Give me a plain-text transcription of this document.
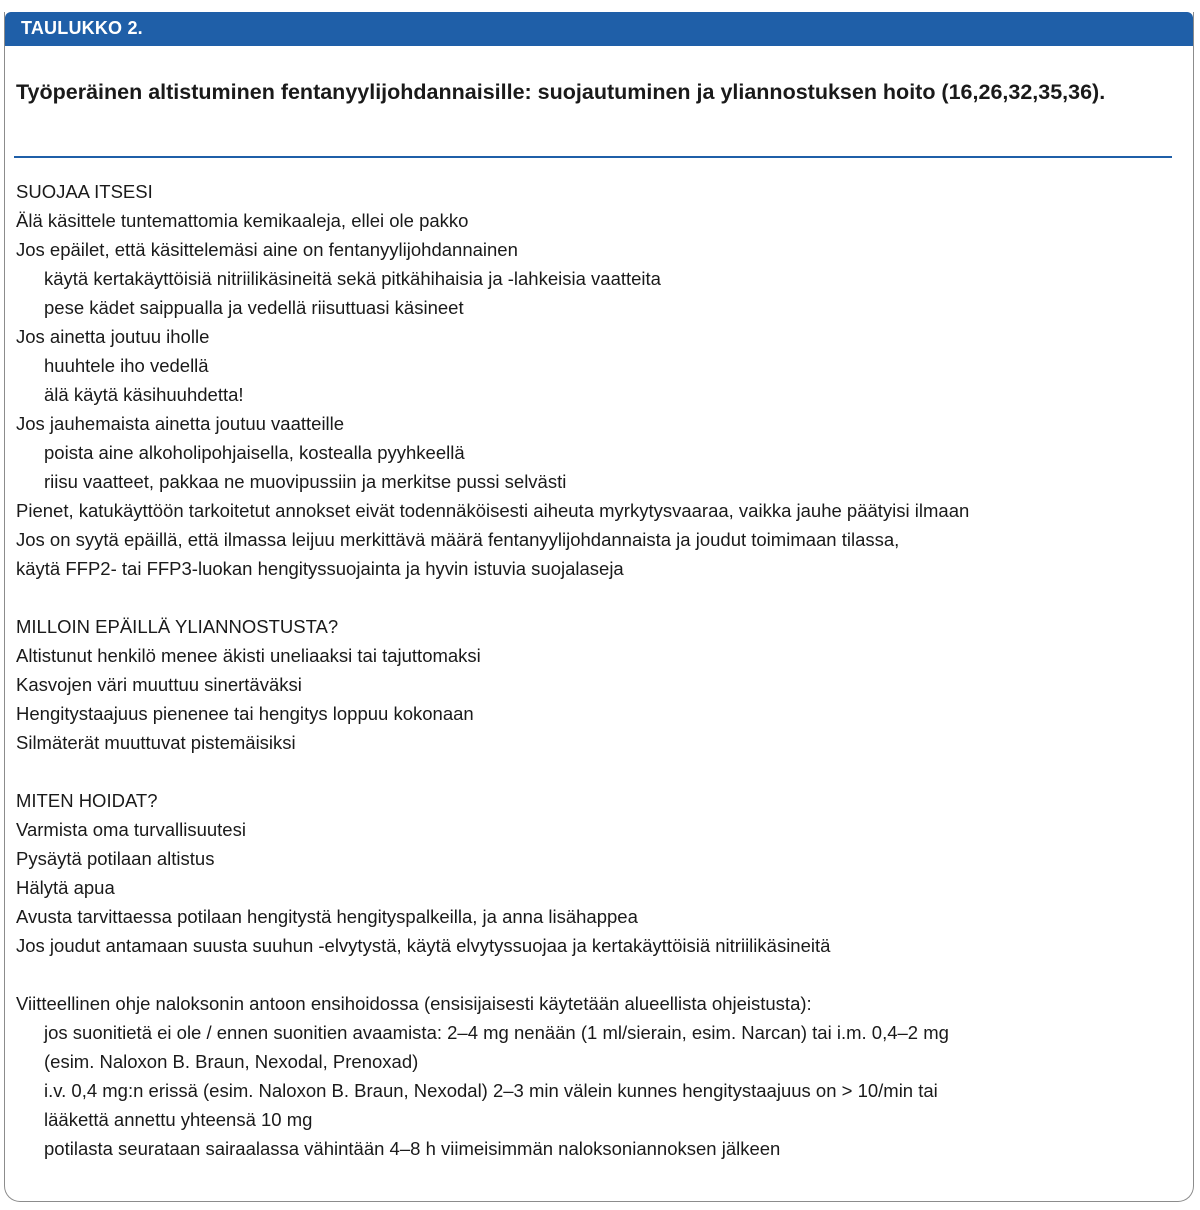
TAULUKKO 2.
Työperäinen altistuminen fentanyylijohdannaisille: suojautuminen ja yliannostuksen hoito (16,26,32,35,36).
SUOJAA ITSESI
Älä käsittele tuntemattomia kemikaaleja, ellei ole pakko
Jos epäilet, että käsittelemäsi aine on fentanyylijohdannainen
käytä kertakäyttöisiä nitriilikäsineitä sekä pitkähihaisia ja -lahkeisia vaatteita
pese kädet saippualla ja vedellä riisuttuasi käsineet
Jos ainetta joutuu iholle
huuhtele iho vedellä
älä käytä käsihuuhdetta!
Jos jauhemaista ainetta joutuu vaatteille
poista aine alkoholipohjaisella, kostealla pyyhkeellä
riisu vaatteet, pakkaa ne muovipussiin ja merkitse pussi selvästi
Pienet, katukäyttöön tarkoitetut annokset eivät todennäköisesti aiheuta myrkytysvaaraa, vaikka jauhe päätyisi ilmaan
Jos on syytä epäillä, että ilmassa leijuu merkittävä määrä fentanyylijohdannaista ja joudut toimimaan tilassa,
käytä FFP2- tai FFP3-luokan hengityssuojainta ja hyvin istuvia suojalaseja
MILLOIN EPÄILLÄ YLIANNOSTUSTA?
Altistunut henkilö menee äkisti uneliaaksi tai tajuttomaksi
Kasvojen väri muuttuu sinertäväksi
Hengitystaajuus pienenee tai hengitys loppuu kokonaan
Silmäterät muuttuvat pistemäisiksi
MITEN HOIDAT?
Varmista oma turvallisuutesi
Pysäytä potilaan altistus
Hälytä apua
Avusta tarvittaessa potilaan hengitystä hengityspalkeilla, ja anna lisähappea
Jos joudut antamaan suusta suuhun -elvytystä, käytä elvytyssuojaa ja kertakäyttöisiä nitriilikäsineitä
Viitteellinen ohje naloksonin antoon ensihoidossa (ensisijaisesti käytetään alueellista ohjeistusta):
jos suonitietä ei ole / ennen suonitien avaamista: 2–4 mg nenään (1 ml/sierain, esim. Narcan) tai i.m. 0,4–2 mg
(esim. Naloxon B. Braun, Nexodal, Prenoxad)
i.v. 0,4 mg:n erissä (esim. Naloxon B. Braun, Nexodal) 2–3 min välein kunnes hengitystaajuus on > 10/min tai
lääkettä annettu yhteensä 10 mg
potilasta seurataan sairaalassa vähintään 4–8 h viimeisimmän naloksoniannoksen jälkeen
